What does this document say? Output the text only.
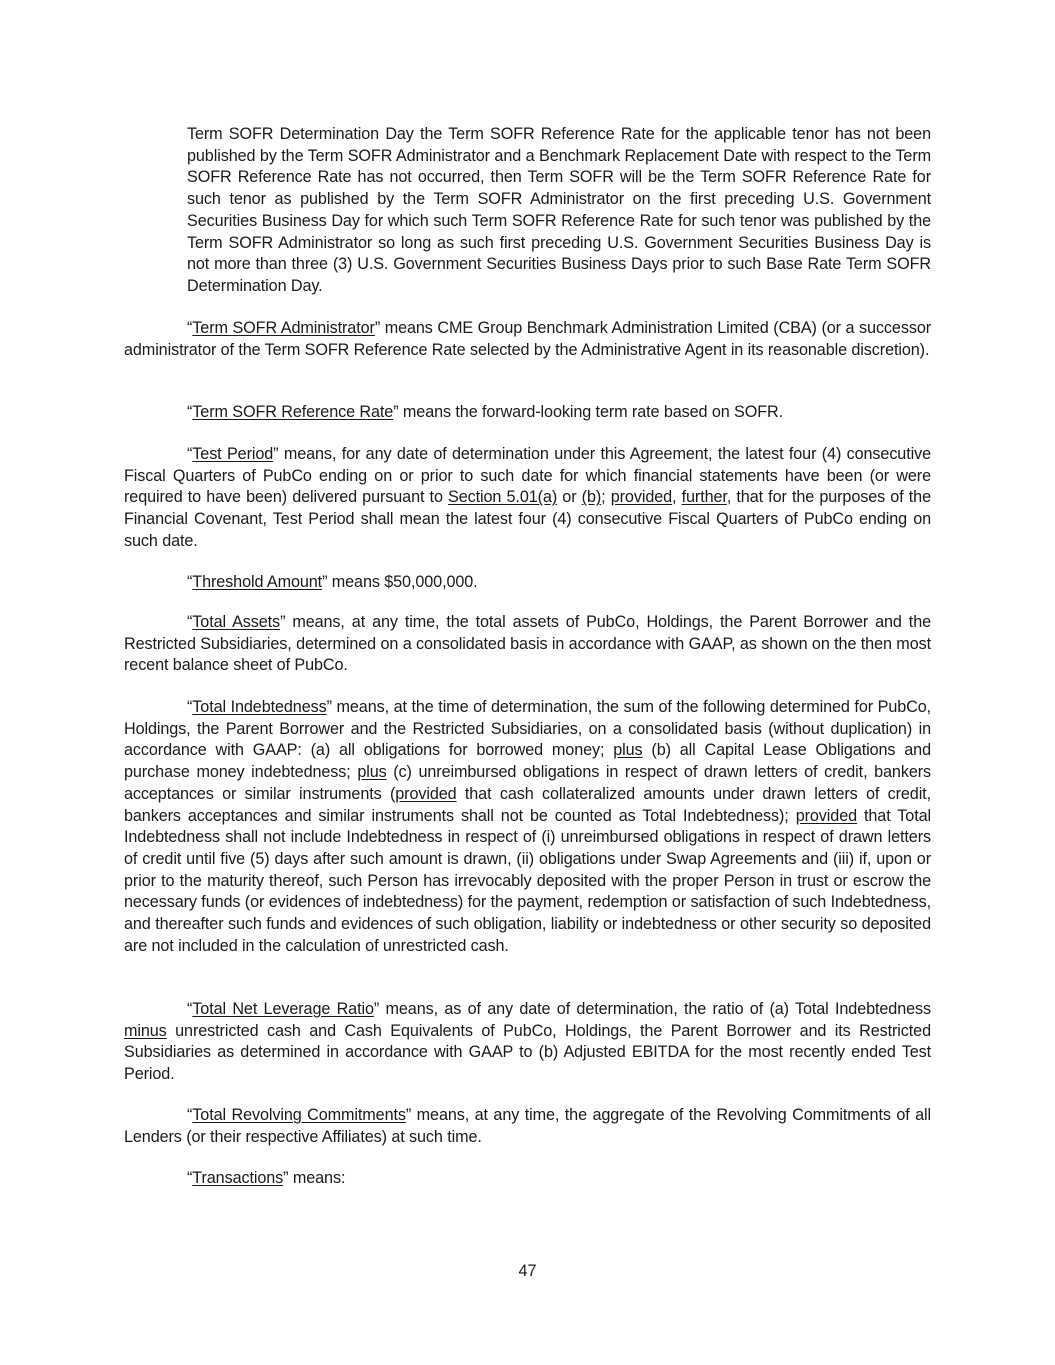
Term SOFR Determination Day the Term SOFR Reference Rate for the applicable tenor has not been published by the Term SOFR Administrator and a Benchmark Replacement Date with respect to the Term SOFR Reference Rate has not occurred, then Term SOFR will be the Term SOFR Reference Rate for such tenor as published by the Term SOFR Administrator on the first preceding U.S. Government Securities Business Day for which such Term SOFR Reference Rate for such tenor was published by the Term SOFR Administrator so long as such first preceding U.S. Government Securities Business Day is not more than three (3) U.S. Government Securities Business Days prior to such Base Rate Term SOFR Determination Day.

“Term SOFR Administrator” means CME Group Benchmark Administration Limited (CBA) (or a successor administrator of the Term SOFR Reference Rate selected by the Administrative Agent in its reasonable discretion).

“Term SOFR Reference Rate” means the forward-looking term rate based on SOFR.

“Test Period” means, for any date of determination under this Agreement, the latest four (4) consecutive Fiscal Quarters of PubCo ending on or prior to such date for which financial statements have been (or were required to have been) delivered pursuant to Section 5.01(a) or (b); provided, further, that for the purposes of the Financial Covenant, Test Period shall mean the latest four (4) consecutive Fiscal Quarters of PubCo ending on such date.

“Threshold Amount” means $50,000,000.

“Total Assets” means, at any time, the total assets of PubCo, Holdings, the Parent Borrower and the Restricted Subsidiaries, determined on a consolidated basis in accordance with GAAP, as shown on the then most recent balance sheet of PubCo.

“Total Indebtedness” means, at the time of determination, the sum of the following determined for PubCo, Holdings, the Parent Borrower and the Restricted Subsidiaries, on a consolidated basis (without duplication) in accordance with GAAP: (a) all obligations for borrowed money; plus (b) all Capital Lease Obligations and purchase money indebtedness; plus (c) unreimbursed obligations in respect of drawn letters of credit, bankers acceptances or similar instruments (provided that cash collateralized amounts under drawn letters of credit, bankers acceptances and similar instruments shall not be counted as Total Indebtedness); provided that Total Indebtedness shall not include Indebtedness in respect of (i) unreimbursed obligations in respect of drawn letters of credit until five (5) days after such amount is drawn, (ii) obligations under Swap Agreements and (iii) if, upon or prior to the maturity thereof, such Person has irrevocably deposited with the proper Person in trust or escrow the necessary funds (or evidences of indebtedness) for the payment, redemption or satisfaction of such Indebtedness, and thereafter such funds and evidences of such obligation, liability or indebtedness or other security so deposited are not included in the calculation of unrestricted cash.

“Total Net Leverage Ratio” means, as of any date of determination, the ratio of (a) Total Indebtedness minus unrestricted cash and Cash Equivalents of PubCo, Holdings, the Parent Borrower and its Restricted Subsidiaries as determined in accordance with GAAP to (b) Adjusted EBITDA for the most recently ended Test Period.

“Total Revolving Commitments” means, at any time, the aggregate of the Revolving Commitments of all Lenders (or their respective Affiliates) at such time.

“Transactions” means:

47
